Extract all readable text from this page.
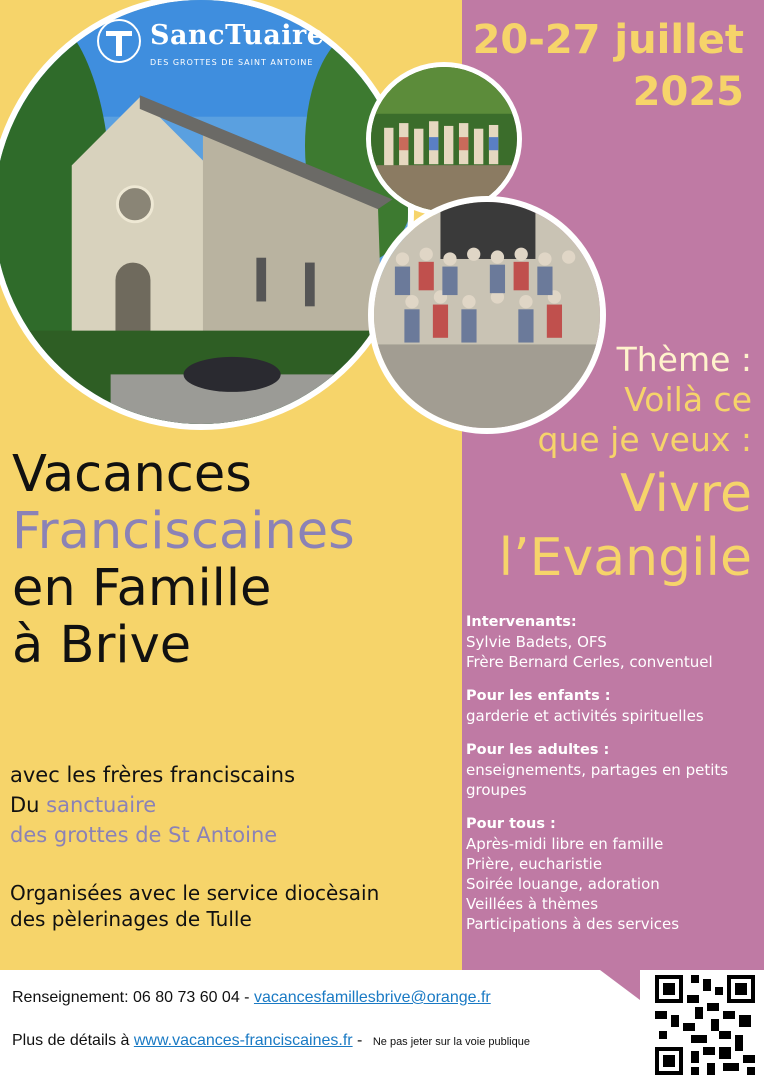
SancTuaire
DES GROTTES DE SAINT ANTOINE	20-27 juillet
2025
Thème :
Voilà ce
que je veux :
Vivre
l’Evangile
Vacances
Franciscaines
en Famille
à Brive
avec les frères franciscains
Du sanctuaire
des grottes de St Antoine
Organisées avec le service diocèsain
des pèlerinages de Tulle
Intervenants:
Sylvie Badets, OFS
Frère Bernard Cerles, conventuel
Pour les enfants :
garderie et activités spirituelles
Pour les adultes :
enseignements, partages en petits
groupes
Pour tous :
Après-midi libre en famille
Prière, eucharistie
Soirée louange, adoration
Veillées à thèmes
Participations à des services
Renseignement: 06 80 73 60 04 - vacancesfamillesbrive@orange.fr
Plus de détails à www.vacances-franciscaines.fr - Ne pas jeter sur la voie publique
